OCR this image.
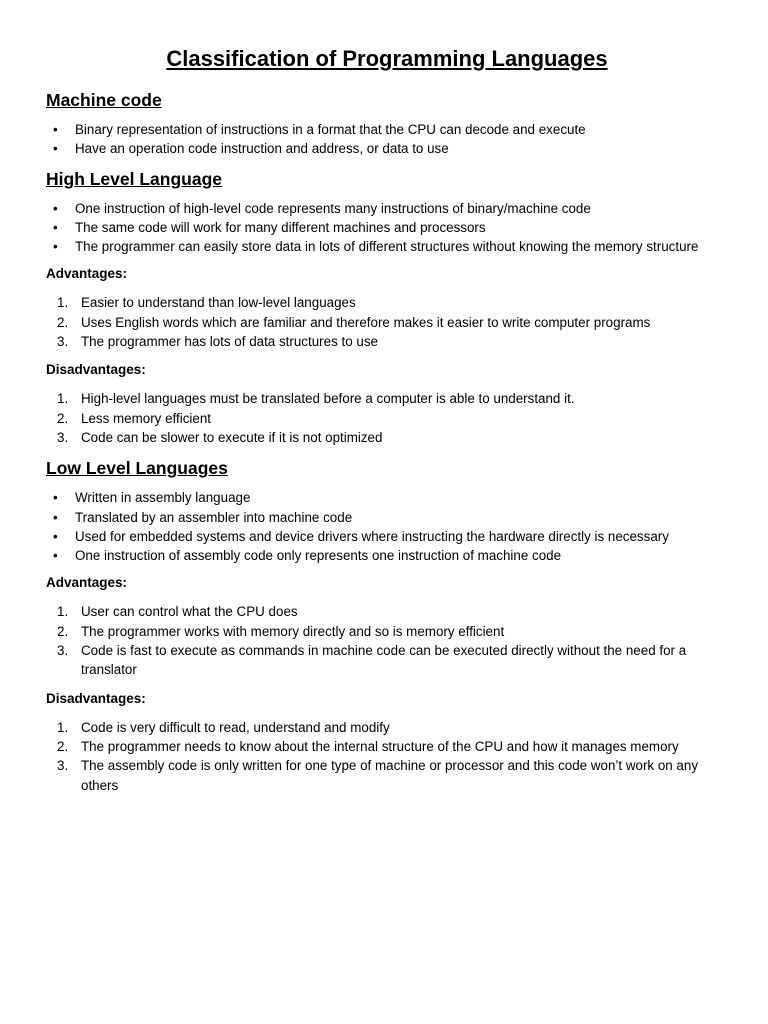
Classification of Programming Languages
Machine code
• Binary representation of instructions in a format that the CPU can decode and execute
• Have an operation code instruction and address, or data to use
High Level Language
• One instruction of high-level code represents many instructions of binary/machine code
• The same code will work for many different machines and processors
• The programmer can easily store data in lots of different structures without knowing the memory structure
Advantages:
1. Easier to understand than low-level languages
2. Uses English words which are familiar and therefore makes it easier to write computer programs
3. The programmer has lots of data structures to use
Disadvantages:
1. High-level languages must be translated before a computer is able to understand it.
2. Less memory efficient
3. Code can be slower to execute if it is not optimized
Low Level Languages
• Written in assembly language
• Translated by an assembler into machine code
• Used for embedded systems and device drivers where instructing the hardware directly is necessary
• One instruction of assembly code only represents one instruction of machine code
Advantages:
1. User can control what the CPU does
2. The programmer works with memory directly and so is memory efficient
3. Code is fast to execute as commands in machine code can be executed directly without the need for a translator
Disadvantages:
1. Code is very difficult to read, understand and modify
2. The programmer needs to know about the internal structure of the CPU and how it manages memory
3. The assembly code is only written for one type of machine or processor and this code won’t work on any others
